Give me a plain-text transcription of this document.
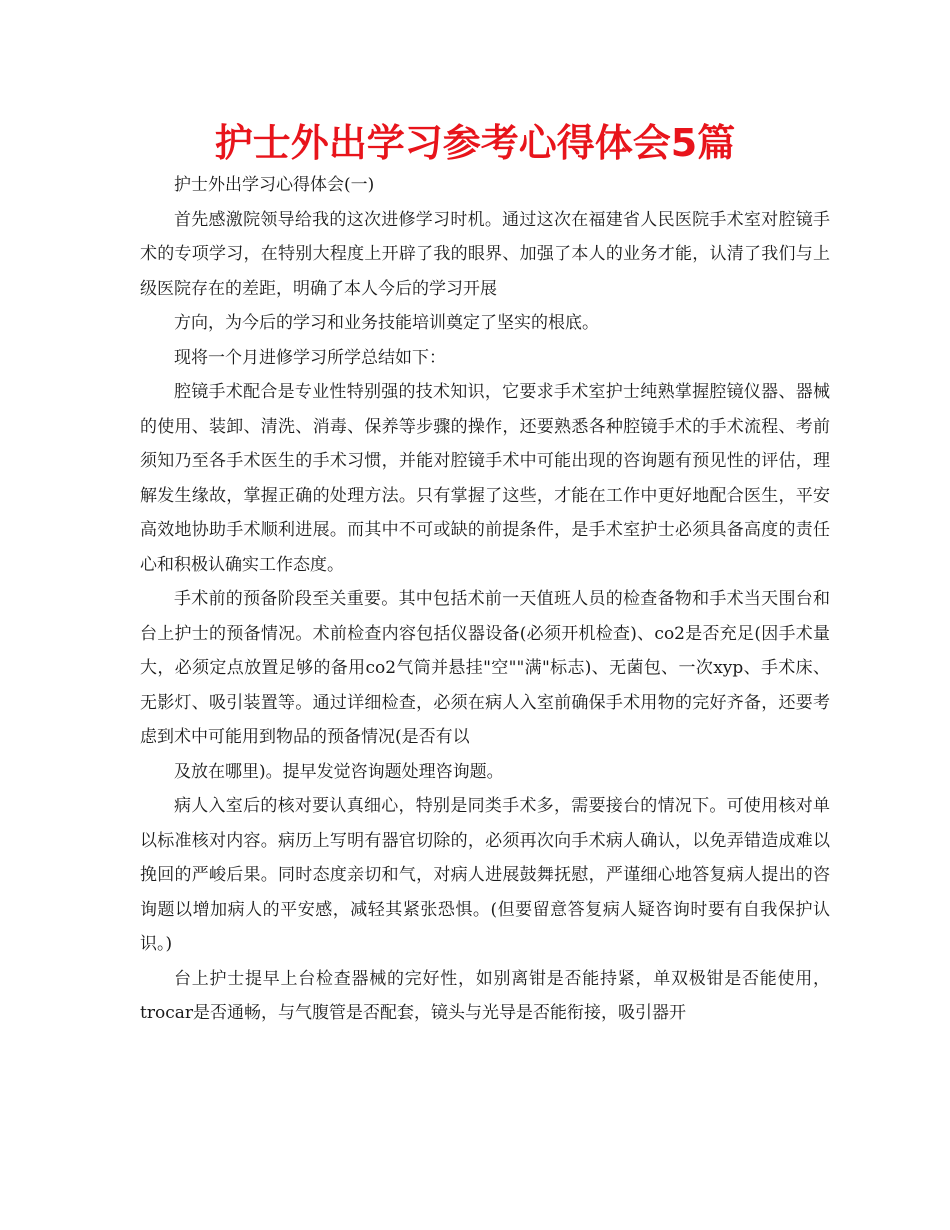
护士外出学习参考心得体会5篇

护士外出学习心得体会(一)

首先感激院领导给我的这次进修学习时机。通过这次在福建省人民医院手术室对腔镜手术的专项学习，在特别大程度上开辟了我的眼界、加强了本人的业务才能，认清了我们与上级医院存在的差距，明确了本人今后的学习开展

方向，为今后的学习和业务技能培训奠定了坚实的根底。

现将一个月进修学习所学总结如下：

腔镜手术配合是专业性特别强的技术知识，它要求手术室护士纯熟掌握腔镜仪器、器械的使用、装卸、清洗、消毒、保养等步骤的操作，还要熟悉各种腔镜手术的手术流程、考前须知乃至各手术医生的手术习惯，并能对腔镜手术中可能出现的咨询题有预见性的评估，理解发生缘故，掌握正确的处理方法。只有掌握了这些，才能在工作中更好地配合医生，平安高效地协助手术顺利进展。而其中不可或缺的前提条件，是手术室护士必须具备高度的责任心和积极认确实工作态度。

手术前的预备阶段至关重要。其中包括术前一天值班人员的检查备物和手术当天围台和台上护士的预备情况。术前检查内容包括仪器设备(必须开机检查)、co2是否充足(因手术量大，必须定点放置足够的备用co2气筒并悬挂"空""满"标志)、无菌包、一次xyp、手术床、无影灯、吸引装置等。通过详细检查，必须在病人入室前确保手术用物的完好齐备，还要考虑到术中可能用到物品的预备情况(是否有以

及放在哪里)。提早发觉咨询题处理咨询题。

病人入室后的核对要认真细心，特别是同类手术多，需要接台的情况下。可使用核对单以标准核对内容。病历上写明有器官切除的，必须再次向手术病人确认，以免弄错造成难以挽回的严峻后果。同时态度亲切和气，对病人进展鼓舞抚慰，严谨细心地答复病人提出的咨询题以增加病人的平安感，减轻其紧张恐惧。(但要留意答复病人疑咨询时要有自我保护认识。)

台上护士提早上台检查器械的完好性，如别离钳是否能持紧，单双极钳是否能使用，trocar是否通畅，与气腹管是否配套，镜头与光导是否能衔接，吸引器开
